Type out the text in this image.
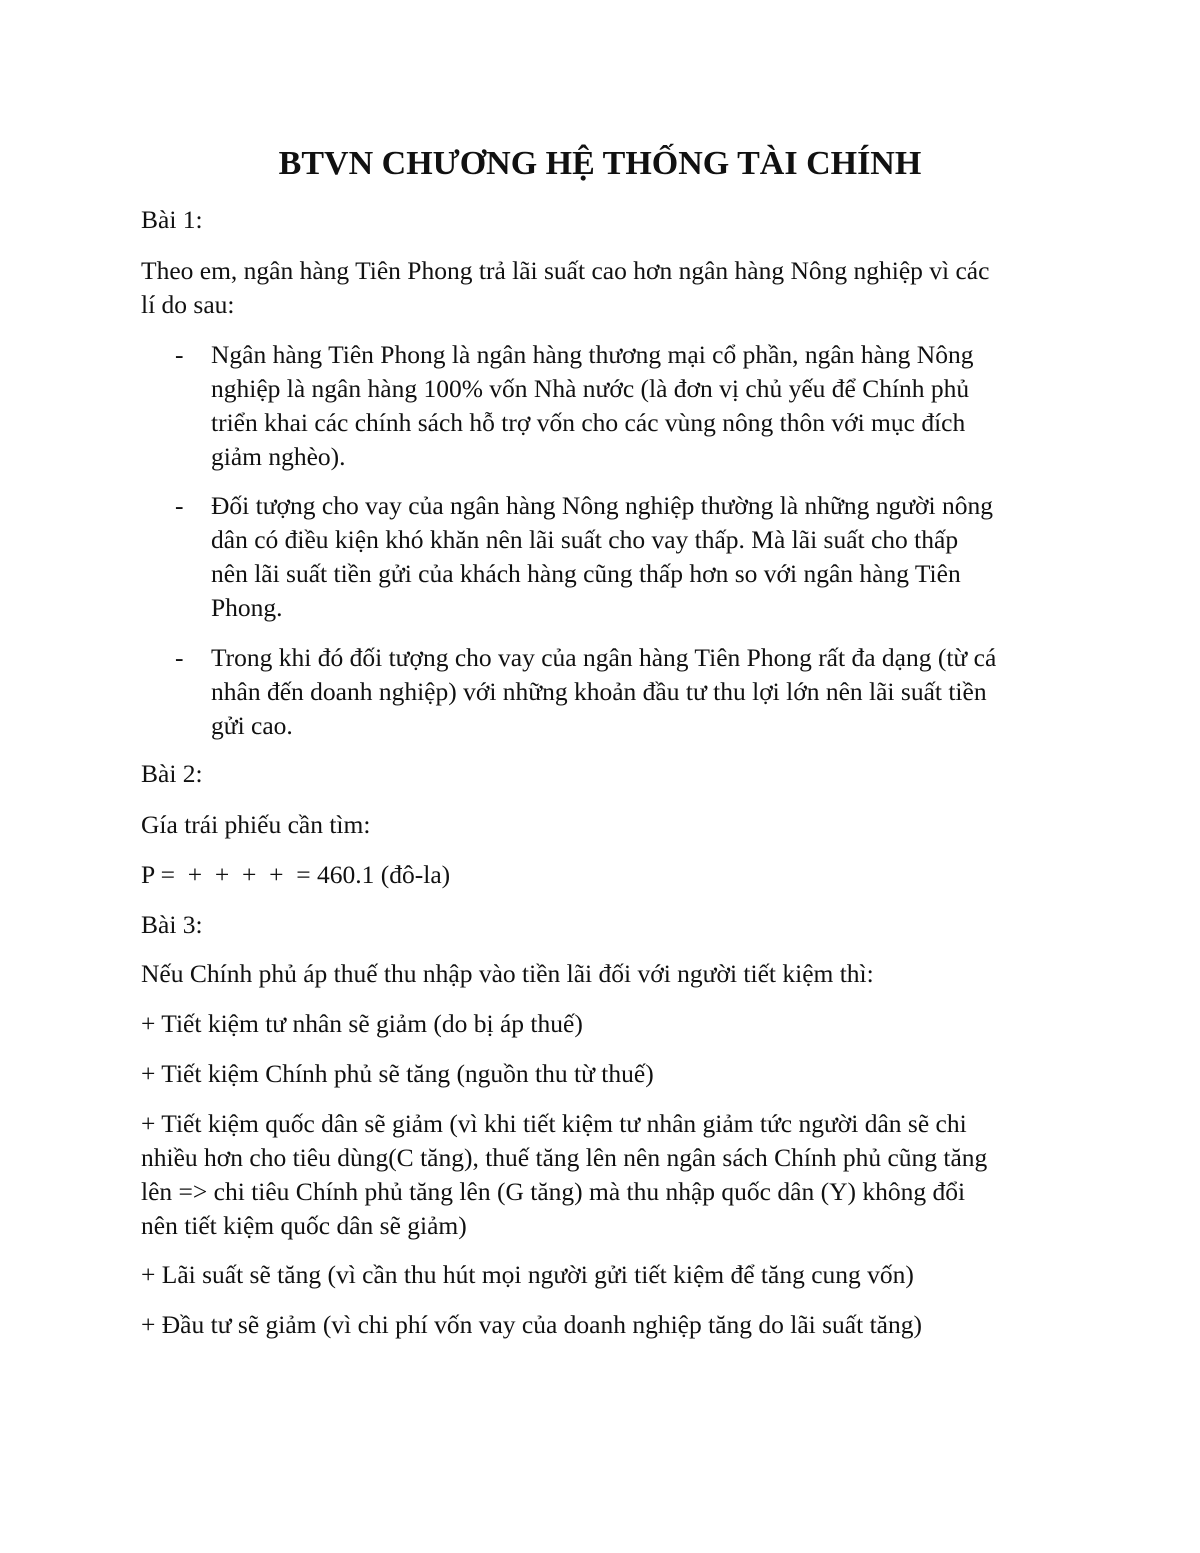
BTVN CHƯƠNG HỆ THỐNG TÀI CHÍNH
Bài 1:
Theo em, ngân hàng Tiên Phong trả lãi suất cao hơn ngân hàng Nông nghiệp vì các
lí do sau:
- Ngân hàng Tiên Phong là ngân hàng thương mại cổ phần, ngân hàng Nông
nghiệp là ngân hàng 100% vốn Nhà nước (là đơn vị chủ yếu để Chính phủ
triển khai các chính sách hỗ trợ vốn cho các vùng nông thôn với mục đích
giảm nghèo).
- Đối tượng cho vay của ngân hàng Nông nghiệp thường là những người nông
dân có điều kiện khó khăn nên lãi suất cho vay thấp. Mà lãi suất cho thấp
nên lãi suất tiền gửi của khách hàng cũng thấp hơn so với ngân hàng Tiên
Phong.
- Trong khi đó đối tượng cho vay của ngân hàng Tiên Phong rất đa dạng (từ cá
nhân đến doanh nghiệp) với những khoản đầu tư thu lợi lớn nên lãi suất tiền
gửi cao.
Bài 2:
Gía trái phiếu cần tìm:
P =  +  +  +  +  = 460.1 (đô-la)
Bài 3:
Nếu Chính phủ áp thuế thu nhập vào tiền lãi đối với người tiết kiệm thì:
+ Tiết kiệm tư nhân sẽ giảm (do bị áp thuế)
+ Tiết kiệm Chính phủ sẽ tăng (nguồn thu từ thuế)
+ Tiết kiệm quốc dân sẽ giảm (vì khi tiết kiệm tư nhân giảm tức người dân sẽ chi
nhiều hơn cho tiêu dùng(C tăng), thuế tăng lên nên ngân sách Chính phủ cũng tăng
lên => chi tiêu Chính phủ tăng lên (G tăng) mà thu nhập quốc dân (Y) không đổi
nên tiết kiệm quốc dân sẽ giảm)
+ Lãi suất sẽ tăng (vì cần thu hút mọi người gửi tiết kiệm để tăng cung vốn)
+ Đầu tư sẽ giảm (vì chi phí vốn vay của doanh nghiệp tăng do lãi suất tăng)
